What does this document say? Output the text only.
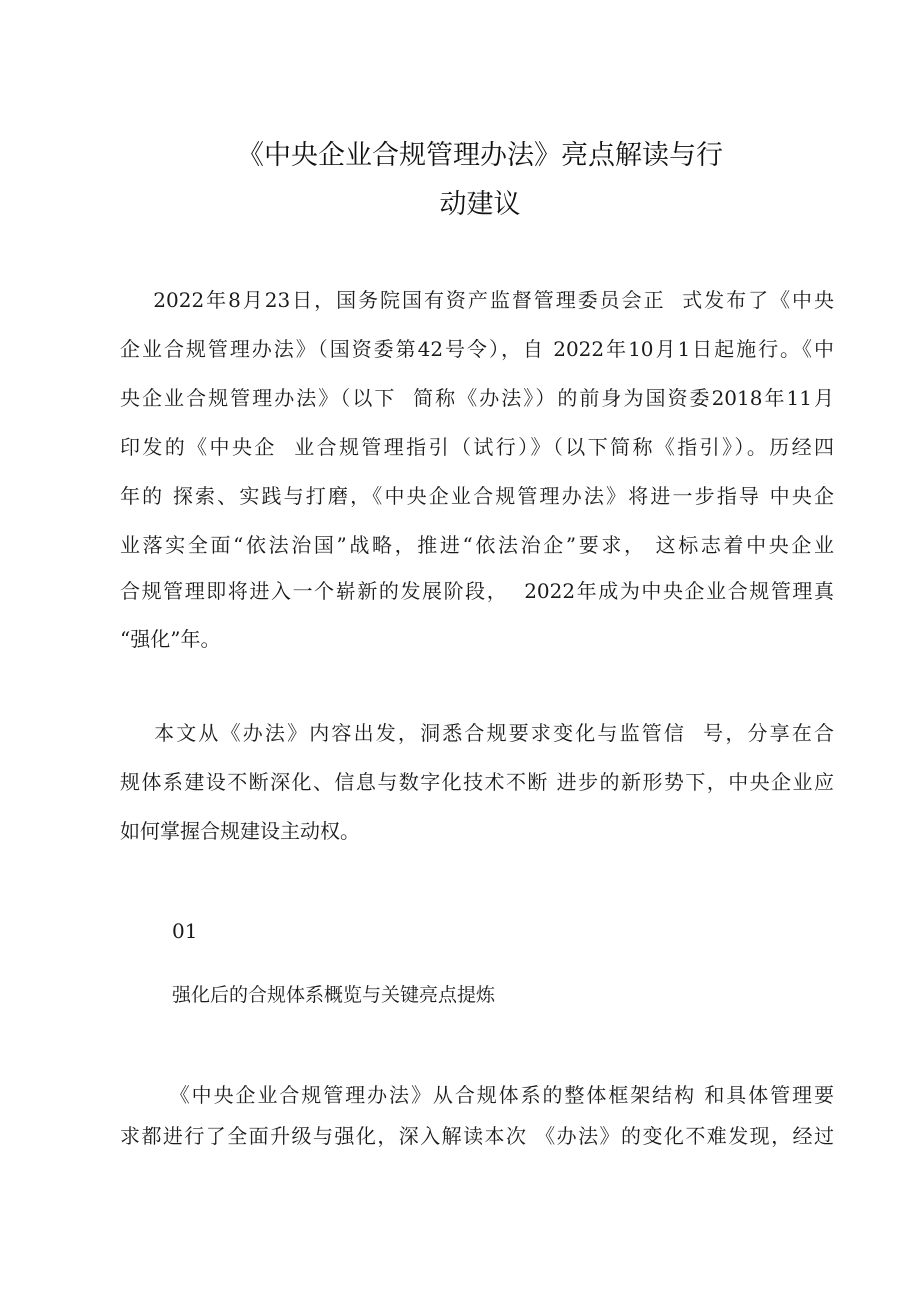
《中央企业合规管理办法》亮点解读与行
动建议
2022年8月23日，国务院国有资产监督管理委员会正  式发布了《中央
企业合规管理办法》（国资委第42号令），自 2022年10月1日起施行。《中
央企业合规管理办法》（以下  简称《办法》）的前身为国资委2018年11月
印发的《中央企  业合规管理指引（试行）》（以下简称《指引》）。历经四
年的 探索、实践与打磨，《中央企业合规管理办法》将进一步指导 中央企
业落实全面“依法治国”战略，推进“依法治企”要求， 这标志着中央企业
合规管理即将进入一个崭新的发展阶段，  2022年成为中央企业合规管理真
“强化”年。
本文从《办法》内容出发，洞悉合规要求变化与监管信  号，分享在合
规体系建设不断深化、信息与数字化技术不断 进步的新形势下，中央企业应
如何掌握合规建设主动权。
01
强化后的合规体系概览与关键亮点提炼
《中央企业合规管理办法》从合规体系的整体框架结构 和具体管理要
求都进行了全面升级与强化，深入解读本次 《办法》的变化不难发现，经过
